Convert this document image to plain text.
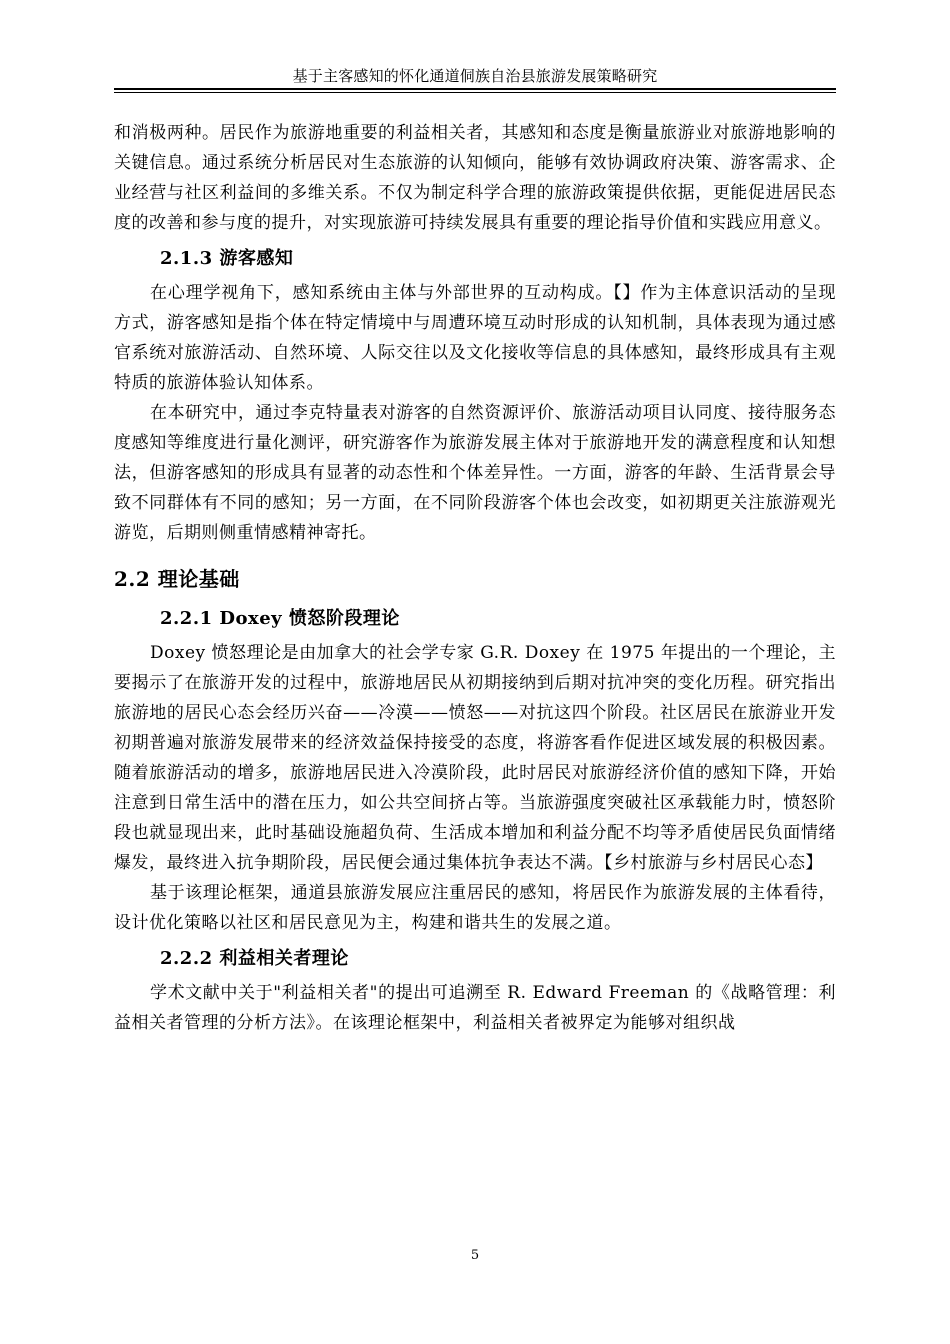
基于主客感知的怀化通道侗族自治县旅游发展策略研究

和消极两种。居民作为旅游地重要的利益相关者，其感知和态度是衡量旅游业对旅游地影响的关键信息。通过系统分析居民对生态旅游的认知倾向，能够有效协调政府决策、游客需求、企业经营与社区利益间的多维关系。不仅为制定科学合理的旅游政策提供依据，更能促进居民态度的改善和参与度的提升，对实现旅游可持续发展具有重要的理论指导价值和实践应用意义。

2.1.3 游客感知

在心理学视角下，感知系统由主体与外部世界的互动构成。【】作为主体意识活动的呈现方式，游客感知是指个体在特定情境中与周遭环境互动时形成的认知机制，具体表现为通过感官系统对旅游活动、自然环境、人际交往以及文化接收等信息的具体感知，最终形成具有主观特质的旅游体验认知体系。

在本研究中，通过李克特量表对游客的自然资源评价、旅游活动项目认同度、接待服务态度感知等维度进行量化测评，研究游客作为旅游发展主体对于旅游地开发的满意程度和认知想法，但游客感知的形成具有显著的动态性和个体差异性。一方面，游客的年龄、生活背景会导致不同群体有不同的感知；另一方面，在不同阶段游客个体也会改变，如初期更关注旅游观光游览，后期则侧重情感精神寄托。

2.2 理论基础
2.2.1 Doxey 愤怒阶段理论

Doxey 愤怒理论是由加拿大的社会学专家 G.R. Doxey 在 1975 年提出的一个理论，主要揭示了在旅游开发的过程中，旅游地居民从初期接纳到后期对抗冲突的变化历程。研究指出旅游地的居民心态会经历兴奋——冷漠——愤怒——对抗这四个阶段。社区居民在旅游业开发初期普遍对旅游发展带来的经济效益保持接受的态度，将游客看作促进区域发展的积极因素。随着旅游活动的增多，旅游地居民进入冷漠阶段，此时居民对旅游经济价值的感知下降，开始注意到日常生活中的潜在压力，如公共空间挤占等。当旅游强度突破社区承载能力时，愤怒阶段也就显现出来，此时基础设施超负荷、生活成本增加和利益分配不均等矛盾使居民负面情绪爆发，最终进入抗争期阶段，居民便会通过集体抗争表达不满。【乡村旅游与乡村居民心态】

基于该理论框架，通道县旅游发展应注重居民的感知，将居民作为旅游发展的主体看待，设计优化策略以社区和居民意见为主，构建和谐共生的发展之道。

2.2.2 利益相关者理论

学术文献中关于"利益相关者"的提出可追溯至 R. Edward Freeman 的《战略管理：利益相关者管理的分析方法》。在该理论框架中，利益相关者被界定为能够对组织战

5
